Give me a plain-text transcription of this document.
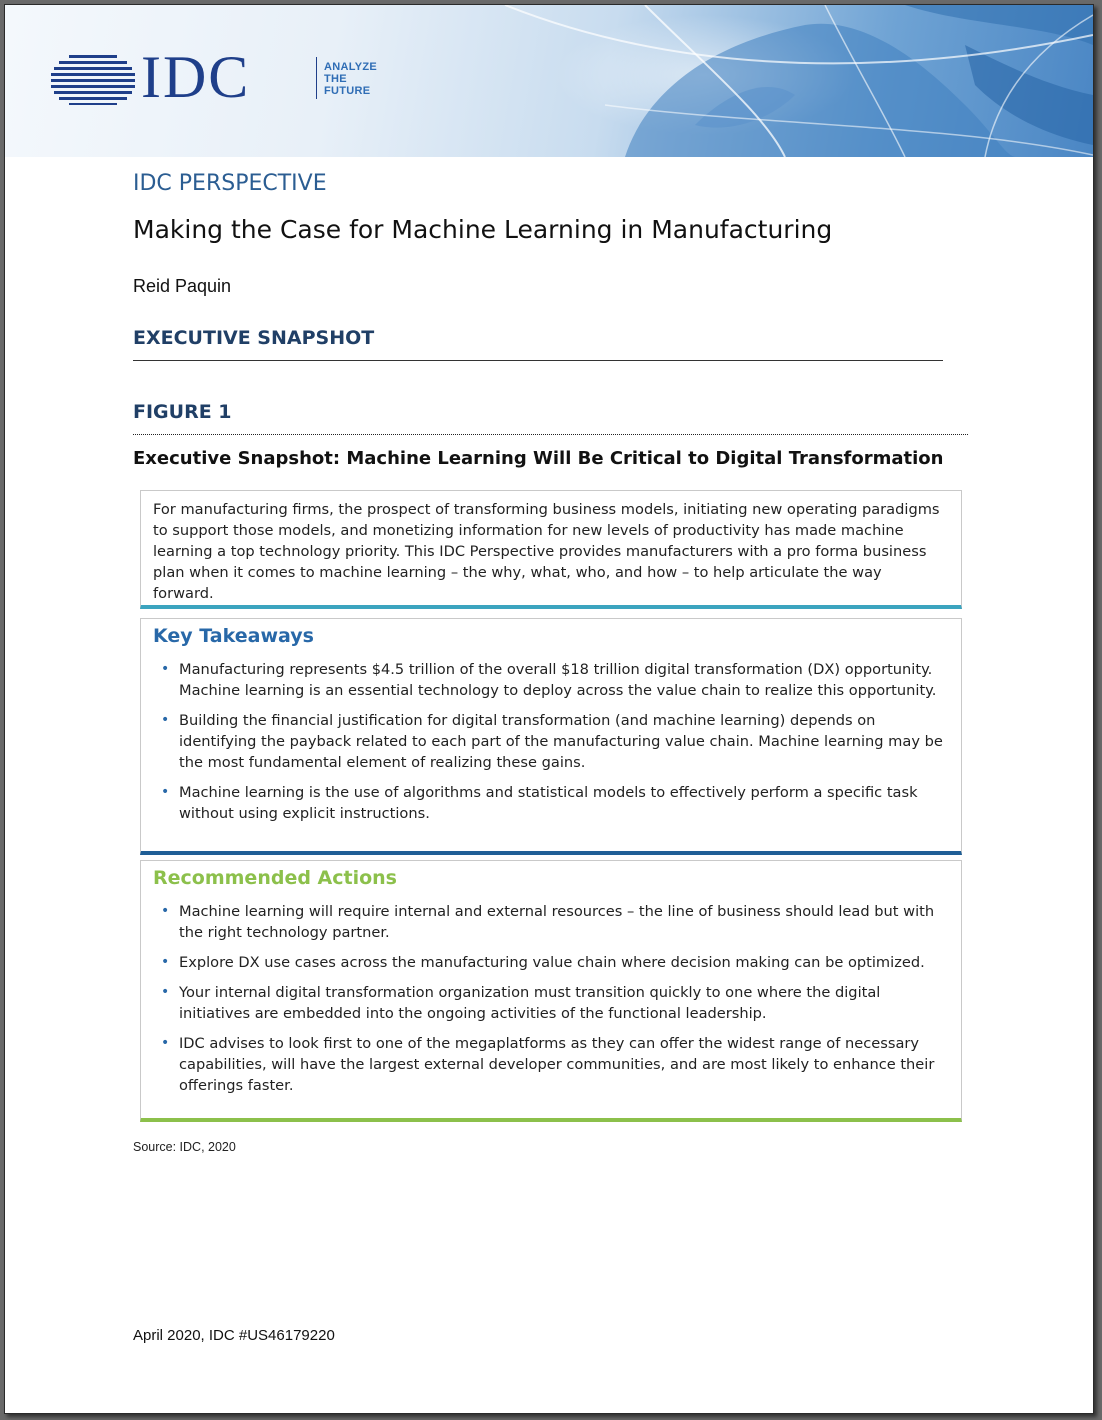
IDC	ANALYZE
THE
FUTURE
IDC PERSPECTIVE
Making the Case for Machine Learning in Manufacturing
Reid Paquin
EXECUTIVE SNAPSHOT
FIGURE 1
Executive Snapshot: Machine Learning Will Be Critical to Digital Transformation
For manufacturing firms, the prospect of transforming business models, initiating new operating paradigms to support those models, and monetizing information for new levels of productivity has made machine learning a top technology priority. This IDC Perspective provides manufacturers with a pro forma business plan when it comes to machine learning – the why, what, who, and how – to help articulate the way forward.
Key Takeaways
• Manufacturing represents $4.5 trillion of the overall $18 trillion digital transformation (DX) opportunity. Machine learning is an essential technology to deploy across the value chain to realize this opportunity.
• Building the financial justification for digital transformation (and machine learning) depends on identifying the payback related to each part of the manufacturing value chain. Machine learning may be the most fundamental element of realizing these gains.
• Machine learning is the use of algorithms and statistical models to effectively perform a specific task without using explicit instructions.
Recommended Actions
• Machine learning will require internal and external resources – the line of business should lead but with the right technology partner.
• Explore DX use cases across the manufacturing value chain where decision making can be optimized.
• Your internal digital transformation organization must transition quickly to one where the digital initiatives are embedded into the ongoing activities of the functional leadership.
• IDC advises to look first to one of the megaplatforms as they can offer the widest range of necessary capabilities, will have the largest external developer communities, and are most likely to enhance their offerings faster.
Source: IDC, 2020
April 2020, IDC #US46179220
